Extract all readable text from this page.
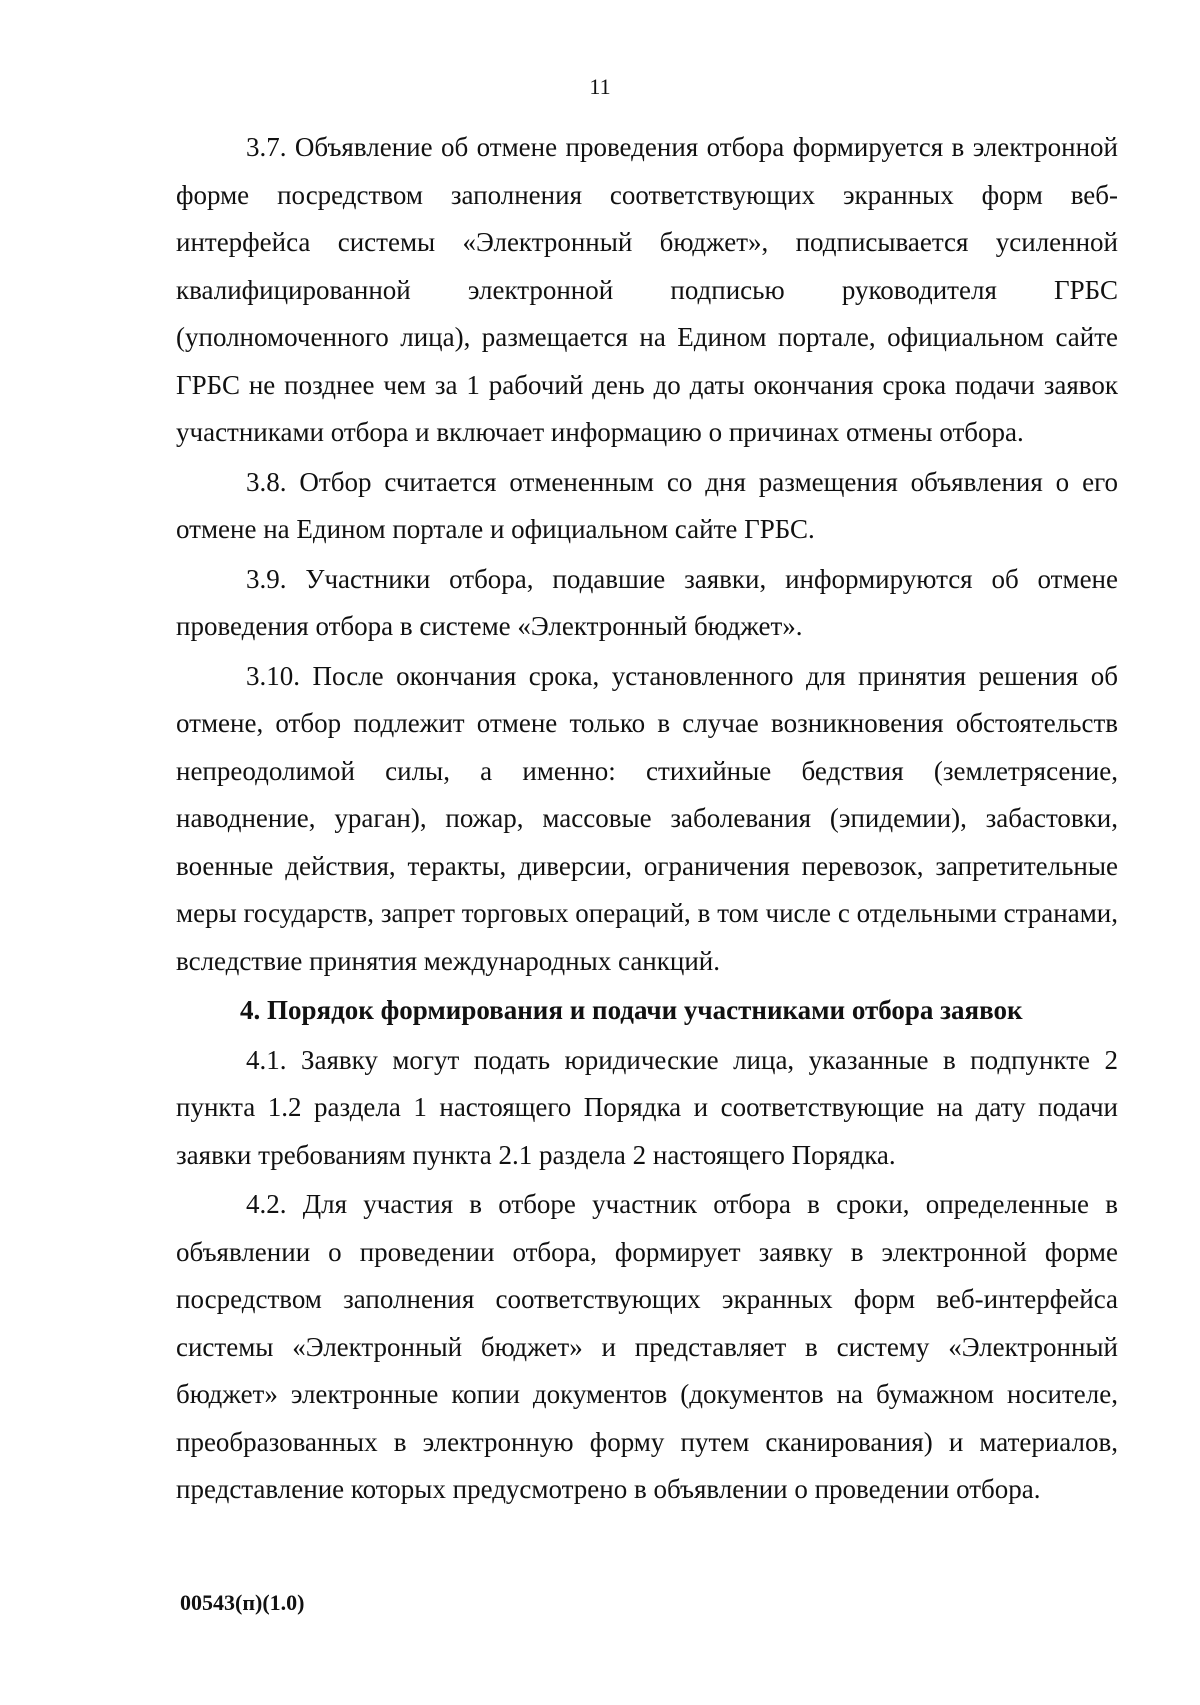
11

3.7. Объявление об отмене проведения отбора формируется в электронной форме посредством заполнения соответствующих экранных форм веб-интерфейса системы «Электронный бюджет», подписывается усиленной квалифицированной электронной подписью руководителя ГРБС (уполномоченного лица), размещается на Едином портале, официальном сайте ГРБС не позднее чем за 1 рабочий день до даты окончания срока подачи заявок участниками отбора и включает информацию о причинах отмены отбора.

3.8. Отбор считается отмененным со дня размещения объявления о его отмене на Едином портале и официальном сайте ГРБС.

3.9. Участники отбора, подавшие заявки, информируются об отмене проведения отбора в системе «Электронный бюджет».

3.10. После окончания срока, установленного для принятия решения об отмене, отбор подлежит отмене только в случае возникновения обстоятельств непреодолимой силы, а именно: стихийные бедствия (землетрясение, наводнение, ураган), пожар, массовые заболевания (эпидемии), забастовки, военные действия, теракты, диверсии, ограничения перевозок, запретительные меры государств, запрет торговых операций, в том числе с отдельными странами, вследствие принятия международных санкций.

4. Порядок формирования и подачи участниками отбора заявок

4.1. Заявку могут подать юридические лица, указанные в подпункте 2 пункта 1.2 раздела 1 настоящего Порядка и соответствующие на дату подачи заявки требованиям пункта 2.1 раздела 2 настоящего Порядка.

4.2. Для участия в отборе участник отбора в сроки, определенные в объявлении о проведении отбора, формирует заявку в электронной форме посредством заполнения соответствующих экранных форм веб-интерфейса системы «Электронный бюджет» и представляет в систему «Электронный бюджет» электронные копии документов (документов на бумажном носителе, преобразованных в электронную форму путем сканирования) и материалов, представление которых предусмотрено в объявлении о проведении отбора.

00543(п)(1.0)
